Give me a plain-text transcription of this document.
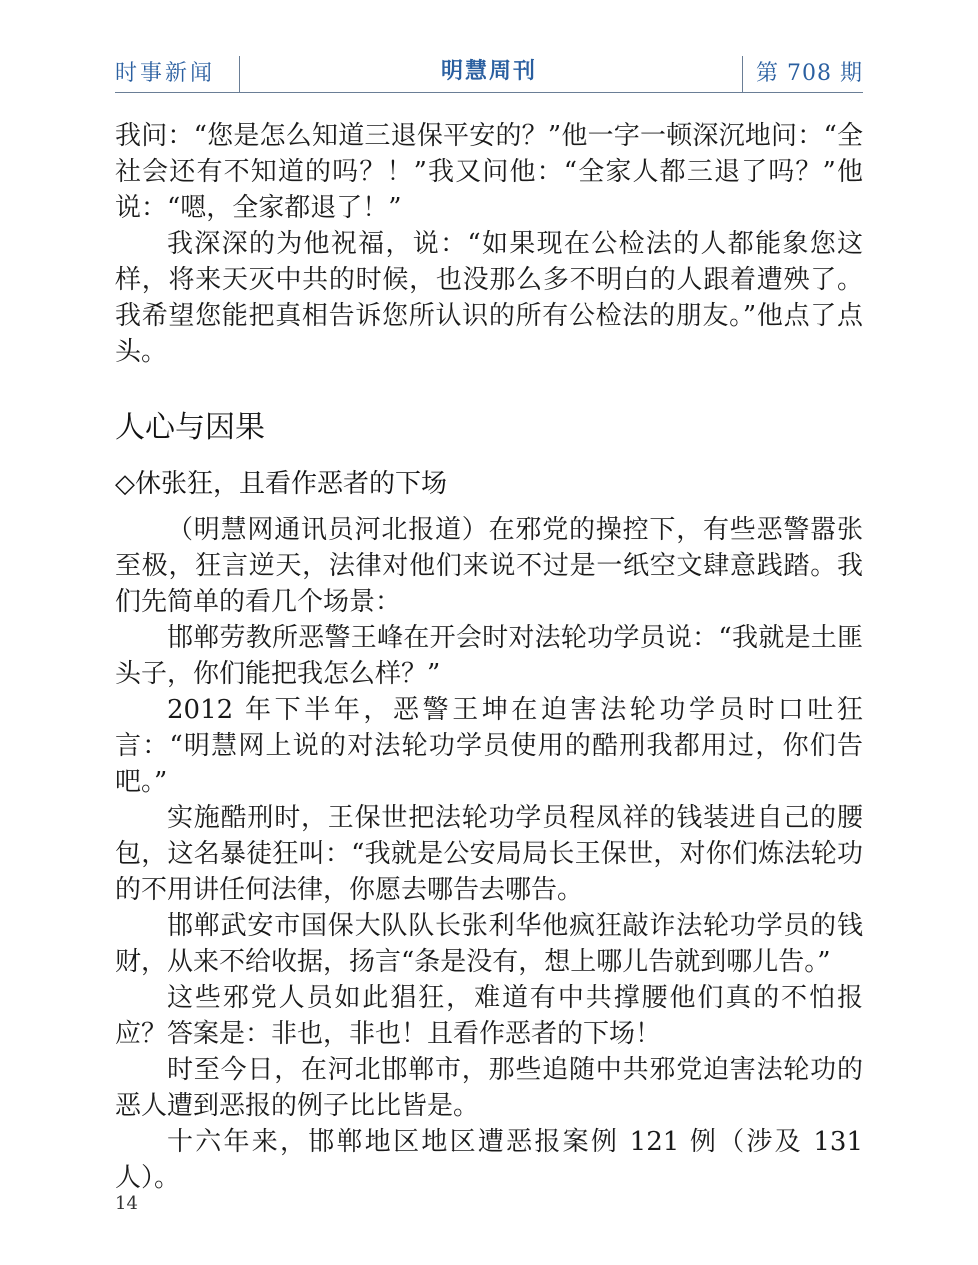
时事新闻	明慧周刊	第 708 期

我问：“您是怎么知道三退保平安的？”他一字一顿深沉地问：“全社会还有不知道的吗？！”我又问他：“全家人都三退了吗？”他说：“嗯，全家都退了！”

我深深的为他祝福，说：“如果现在公检法的人都能象您这样，将来天灭中共的时候，也没那么多不明白的人跟着遭殃了。我希望您能把真相告诉您所认识的所有公检法的朋友。”他点了点头。

人心与因果
◇休张狂，且看作恶者的下场

（明慧网通讯员河北报道）在邪党的操控下，有些恶警嚣张至极，狂言逆天，法律对他们来说不过是一纸空文肆意践踏。我们先简单的看几个场景：

邯郸劳教所恶警王峰在开会时对法轮功学员说：“我就是土匪头子，你们能把我怎么样？”

2012 年下半年，恶警王坤在迫害法轮功学员时口吐狂言：“明慧网上说的对法轮功学员使用的酷刑我都用过，你们告吧。”

实施酷刑时，王保世把法轮功学员程凤祥的钱装进自己的腰包，这名暴徒狂叫：“我就是公安局局长王保世，对你们炼法轮功的不用讲任何法律，你愿去哪告去哪告。

邯郸武安市国保大队队长张利华他疯狂敲诈法轮功学员的钱财，从来不给收据，扬言“条是没有，想上哪儿告就到哪儿告。”

这些邪党人员如此猖狂，难道有中共撑腰他们真的不怕报应？答案是：非也，非也！且看作恶者的下场！

时至今日，在河北邯郸市，那些追随中共邪党迫害法轮功的恶人遭到恶报的例子比比皆是。

十六年来，邯郸地区地区遭恶报案例 121 例（涉及 131 人）。

14
